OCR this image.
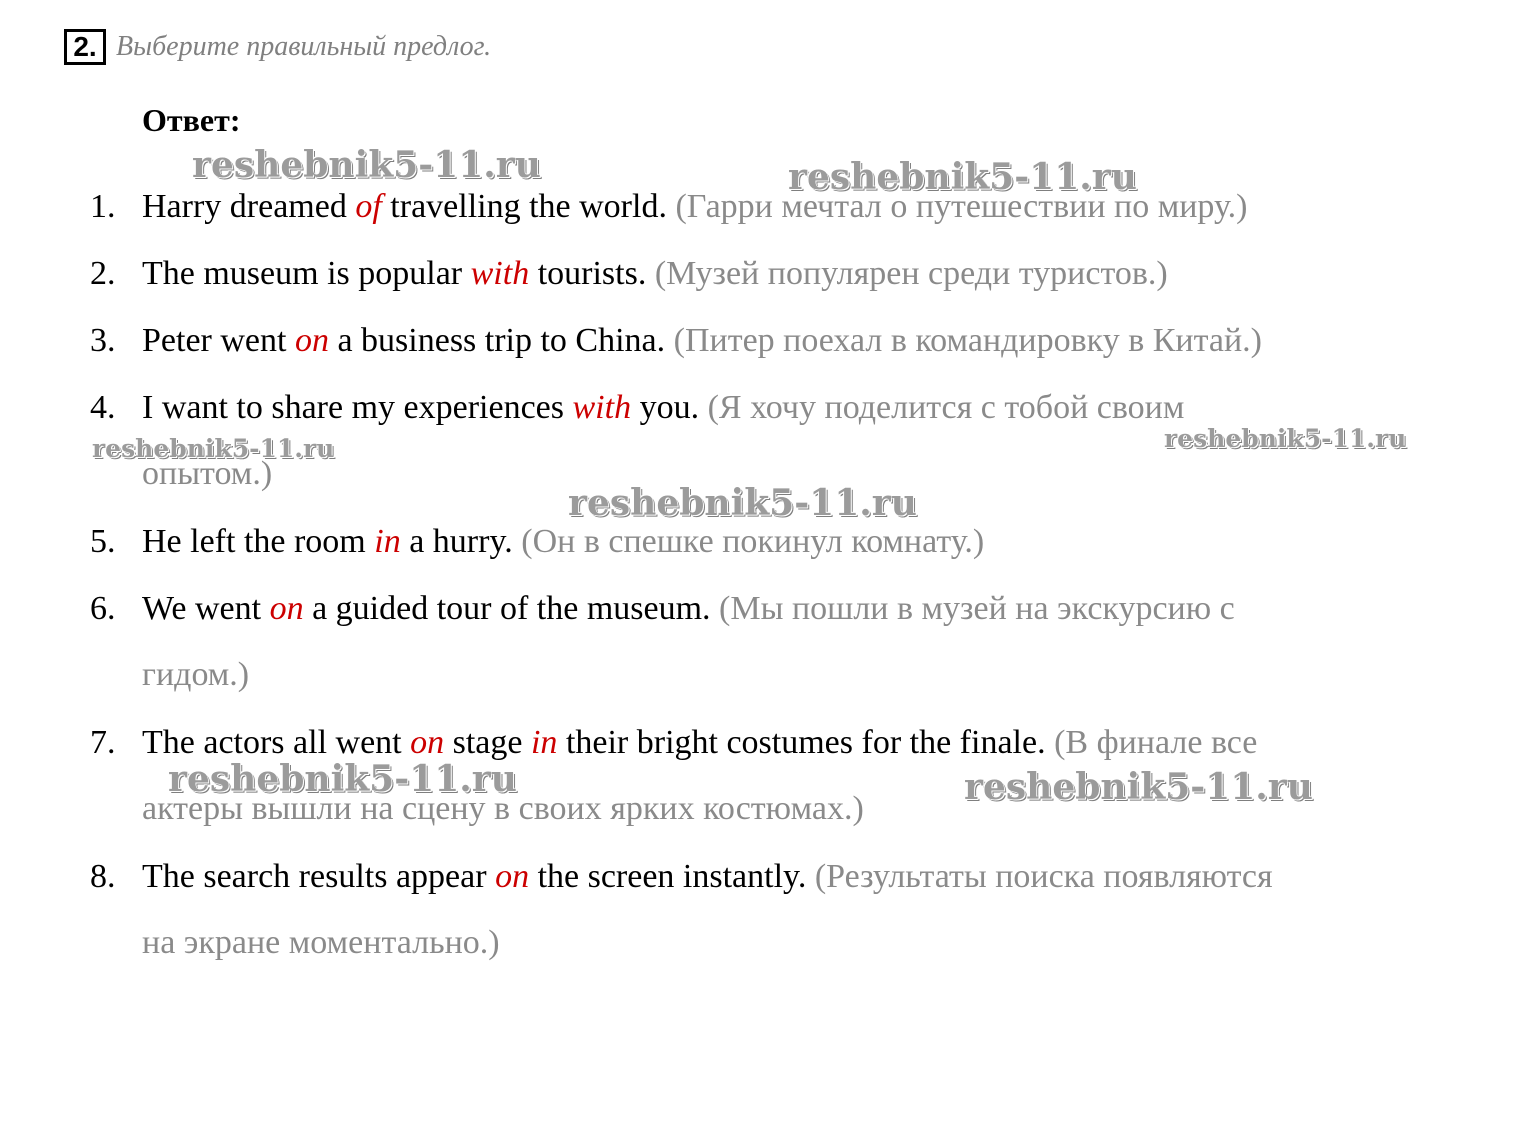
2. Выберите правильный предлог.
Ответ:
1. Harry dreamed of travelling the world. (Гарри мечтал о путешествии по миру.)
2. The museum is popular with tourists. (Музей популярен среди туристов.)
3. Peter went on a business trip to China. (Питер поехал в командировку в Китай.)
4. I want to share my experiences with you. (Я хочу поделится с тобой своим
опытом.)
5. He left the room in a hurry. (Он в спешке покинул комнату.)
6. We went on a guided tour of the museum. (Мы пошли в музей на экскурсию с
гидом.)
7. The actors all went on stage in their bright costumes for the finale. (В финале все
актеры вышли на сцену в своих ярких костюмах.)
8. The search results appear on the screen instantly. (Результаты поиска появляются
на экране моментально.)
reshebnik5-11.ru	reshebnik5-11.ru
reshebnik5-11.ru	reshebnik5-11.ru
reshebnik5-11.ru
reshebnik5-11.ru	reshebnik5-11.ru
